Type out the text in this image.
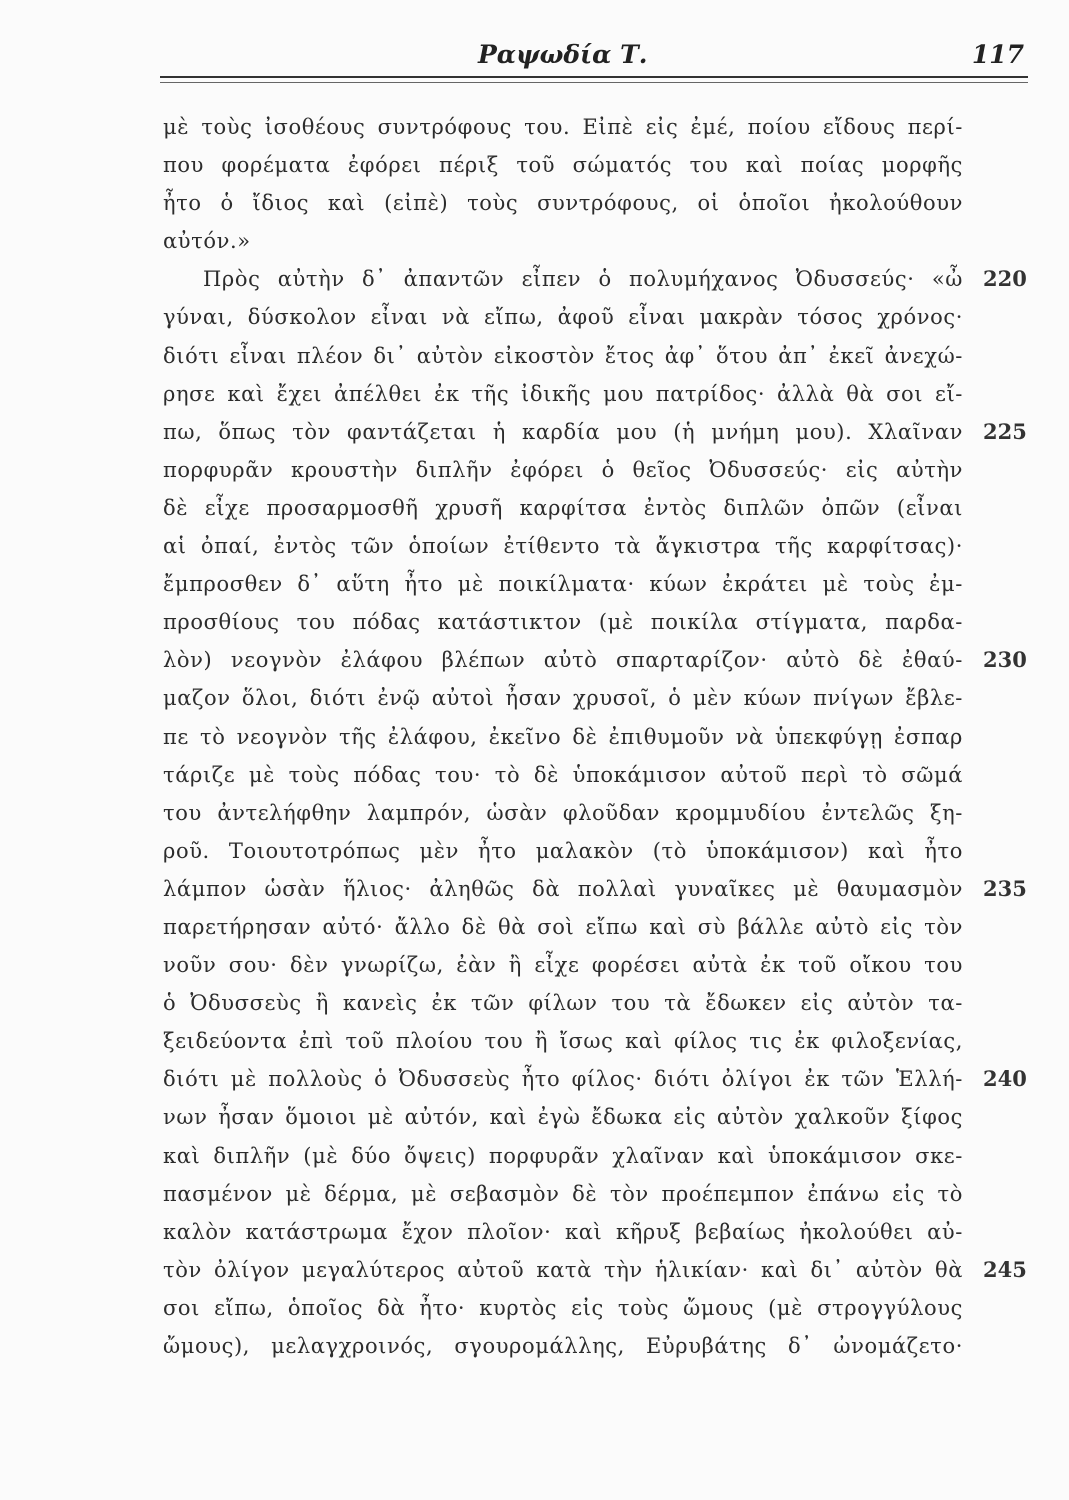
Ραψωδία Τ.	117
μὲ τοὺς ἰσοθέους συντρόφους του. Εἰπὲ εἰς ἐμέ, ποίου εἴδους περί-
που φορέματα ἐφόρει πέριξ τοῦ σώματός του καὶ ποίας μορφῆς
ἦτο ὁ ἴδιος καὶ (εἰπὲ) τοὺς συντρόφους, οἱ ὁποῖοι ἠκολούθουν
αὐτόν.»
Πρὸς αὐτὴν δ᾽ ἀπαντῶν εἶπεν ὁ πολυμήχανος Ὀδυσσεύς· «ὦ 220
γύναι, δύσκολον εἶναι νὰ εἴπω, ἀφοῦ εἶναι μακρὰν τόσος χρόνος·
διότι εἶναι πλέον δι᾽ αὐτὸν εἰκοστὸν ἔτος ἀφ᾽ ὅτου ἀπ᾽ ἐκεῖ ἀνεχώ-
ρησε καὶ ἔχει ἀπέλθει ἐκ τῆς ἰδικῆς μου πατρίδος· ἀλλὰ θὰ σοι εἴ-
πω, ὅπως τὸν φαντάζεται ἡ καρδία μου (ἡ μνήμη μου). Χλαῖναν 225
πορφυρᾶν κρουστὴν διπλῆν ἐφόρει ὁ θεῖος Ὀδυσσεύς· εἰς αὐτὴν
δὲ εἶχε προσαρμοσθῆ χρυσῆ καρφίτσα ἐντὸς διπλῶν ὀπῶν (εἶναι
αἱ ὀπαί, ἐντὸς τῶν ὁποίων ἐτίθεντο τὰ ἄγκιστρα τῆς καρφίτσας)·
ἔμπροσθεν δ᾽ αὕτη ἦτο μὲ ποικίλματα· κύων ἐκράτει μὲ τοὺς ἐμ-
προσθίους του πόδας κατάστικτον (μὲ ποικίλα στίγματα, παρδα-
λὸν) νεογνὸν ἐλάφου βλέπων αὐτὸ σπαρταρίζον· αὐτὸ δὲ ἐθαύ- 230
μαζον ὅλοι, διότι ἐνῷ αὐτοὶ ἦσαν χρυσοῖ, ὁ μὲν κύων πνίγων ἔβλε-
πε τὸ νεογνὸν τῆς ἐλάφου, ἐκεῖνο δὲ ἐπιθυμοῦν νὰ ὑπεκφύγῃ ἐσπαρ
τάριζε μὲ τοὺς πόδας του· τὸ δὲ ὑποκάμισον αὐτοῦ περὶ τὸ σῶμά
του ἀντελήφθην λαμπρόν, ὡσὰν φλοῦδαν κρομμυδίου ἐντελῶς ξη-
ροῦ. Τοιουτοτρόπως μὲν ἦτο μαλακὸν (τὸ ὑποκάμισον) καὶ ἦτο
λάμπον ὡσὰν ἥλιος· ἀληθῶς δὰ πολλαὶ γυναῖκες μὲ θαυμασμὸν 235
παρετήρησαν αὐτό· ἄλλο δὲ θὰ σοὶ εἴπω καὶ σὺ βάλλε αὐτὸ εἰς τὸν
νοῦν σου· δὲν γνωρίζω, ἐὰν ἢ εἶχε φορέσει αὐτὰ ἐκ τοῦ οἴκου του
ὁ Ὀδυσσεὺς ἢ κανεὶς ἐκ τῶν φίλων του τὰ ἔδωκεν εἰς αὐτὸν τα-
ξειδεύοντα ἐπὶ τοῦ πλοίου του ἢ ἴσως καὶ φίλος τις ἐκ φιλοξενίας,
διότι μὲ πολλοὺς ὁ Ὀδυσσεὺς ἦτο φίλος· διότι ὀλίγοι ἐκ τῶν Ἑλλή- 240
νων ἦσαν ὅμοιοι μὲ αὐτόν, καὶ ἐγὼ ἔδωκα εἰς αὐτὸν χαλκοῦν ξίφος
καὶ διπλῆν (μὲ δύο ὄψεις) πορφυρᾶν χλαῖναν καὶ ὑποκάμισον σκε-
πασμένον μὲ δέρμα, μὲ σεβασμὸν δὲ τὸν προέπεμπον ἐπάνω εἰς τὸ
καλὸν κατάστρωμα ἔχον πλοῖον· καὶ κῆρυξ βεβαίως ἠκολούθει αὐ-
τὸν ὀλίγον μεγαλύτερος αὐτοῦ κατὰ τὴν ἡλικίαν· καὶ δι᾽ αὐτὸν θὰ 245
σοι εἴπω, ὁποῖος δὰ ἦτο· κυρτὸς εἰς τοὺς ὤμους (μὲ στρογγύλους
ὤμους), μελαγχροινός, σγουρομάλλης, Εὐρυβάτης δ᾽ ὠνομάζετο·
